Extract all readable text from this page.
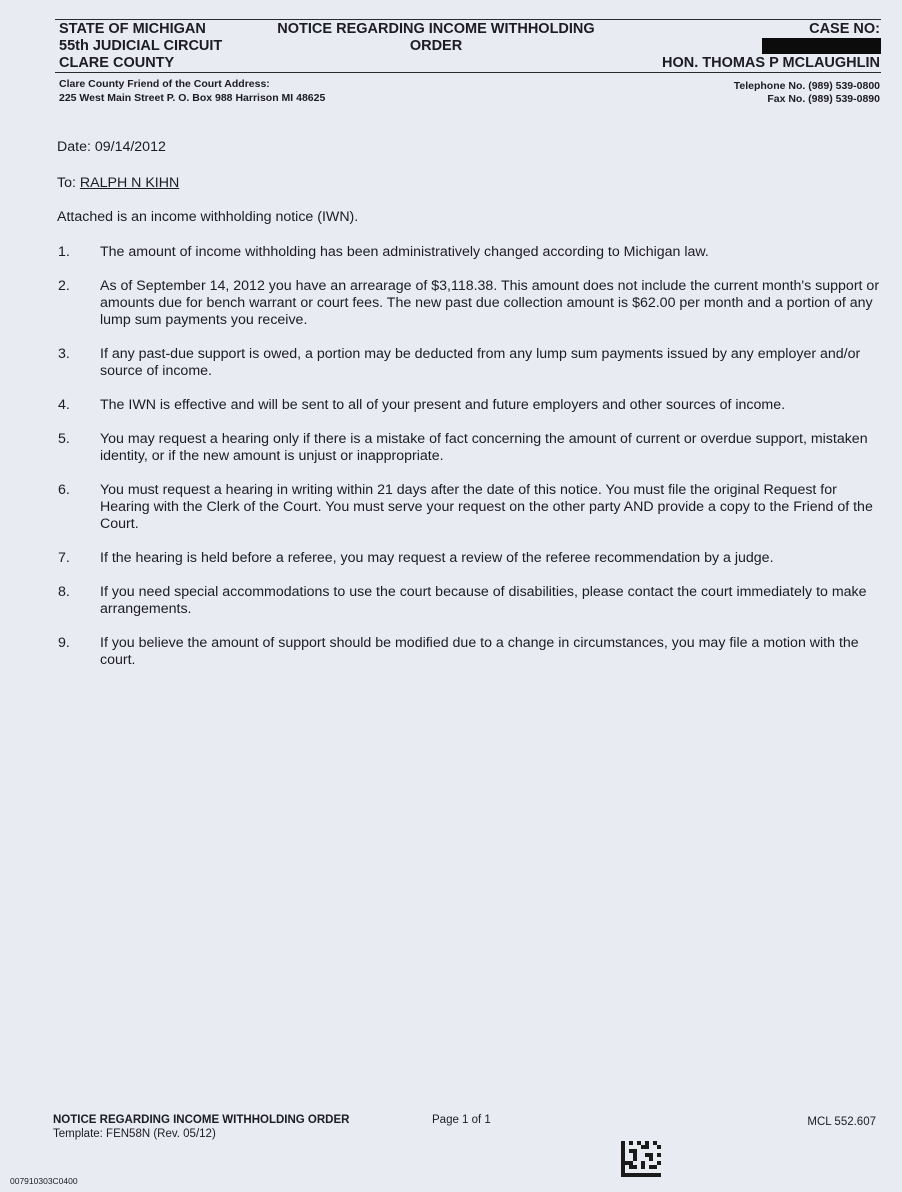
STATE OF MICHIGAN
55th JUDICIAL CIRCUIT
CLARE COUNTY
NOTICE REGARDING INCOME WITHHOLDING
ORDER
CASE NO:
HON. THOMAS P MCLAUGHLIN
Clare County Friend of the Court Address:
225 West Main Street P. O. Box 988 Harrison MI 48625
Telephone No. (989) 539-0800
Fax No. (989) 539-0890
Date: 09/14/2012
To: RALPH N KIHN
Attached is an income withholding notice (IWN).
1. The amount of income withholding has been administratively changed according to Michigan law.
2. As of September 14, 2012 you have an arrearage of $3,118.38. This amount does not include the current month's support or amounts due for bench warrant or court fees. The new past due collection amount is $62.00 per month and a portion of any lump sum payments you receive.
3. If any past-due support is owed, a portion may be deducted from any lump sum payments issued by any employer and/or source of income.
4. The IWN is effective and will be sent to all of your present and future employers and other sources of income.
5. You may request a hearing only if there is a mistake of fact concerning the amount of current or overdue support, mistaken identity, or if the new amount is unjust or inappropriate.
6. You must request a hearing in writing within 21 days after the date of this notice. You must file the original Request for Hearing with the Clerk of the Court. You must serve your request on the other party AND provide a copy to the Friend of the Court.
7. If the hearing is held before a referee, you may request a review of the referee recommendation by a judge.
8. If you need special accommodations to use the court because of disabilities, please contact the court immediately to make arrangements.
9. If you believe the amount of support should be modified due to a change in circumstances, you may file a motion with the court.
NOTICE REGARDING INCOME WITHHOLDING ORDER
Template: FEN58N (Rev. 05/12)
Page 1 of 1	MCL 552.607
007910303C0400
